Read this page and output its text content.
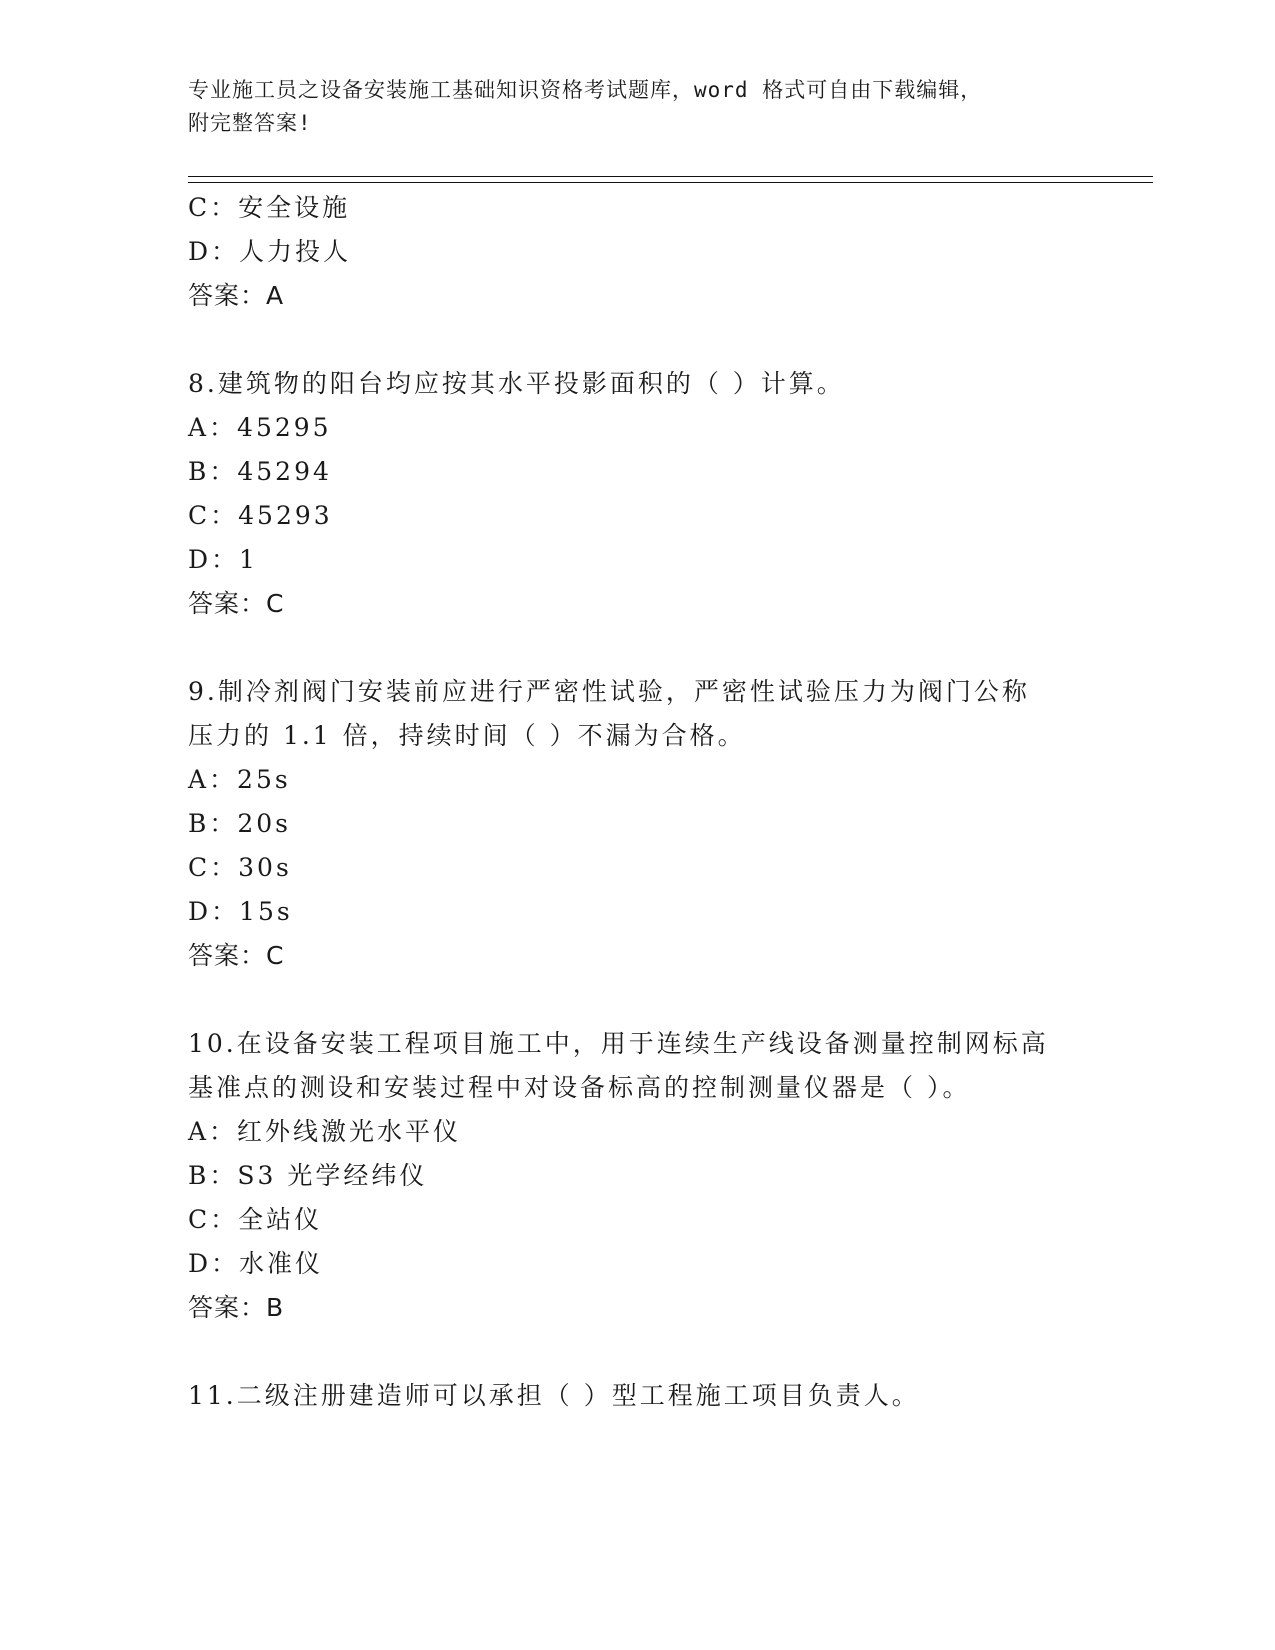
专业施工员之设备安装施工基础知识资格考试题库，word 格式可自由下载编辑，
附完整答案!
C：安全设施
D：人力投人
答案：A
8.建筑物的阳台均应按其水平投影面积的（ ）计算。
A：45295
B：45294
C：45293
D：1
答案：C
9.制冷剂阀门安装前应进行严密性试验，严密性试验压力为阀门公称
压力的 1.1 倍，持续时间（ ）不漏为合格。
A：25s
B：20s
C：30s
D：15s
答案：C
10.在设备安装工程项目施工中，用于连续生产线设备测量控制网标高
基准点的测设和安装过程中对设备标高的控制测量仪器是（ ）。
A：红外线激光水平仪
B：S3 光学经纬仪
C：全站仪
D：水准仪
答案：B
11.二级注册建造师可以承担（ ）型工程施工项目负责人。
